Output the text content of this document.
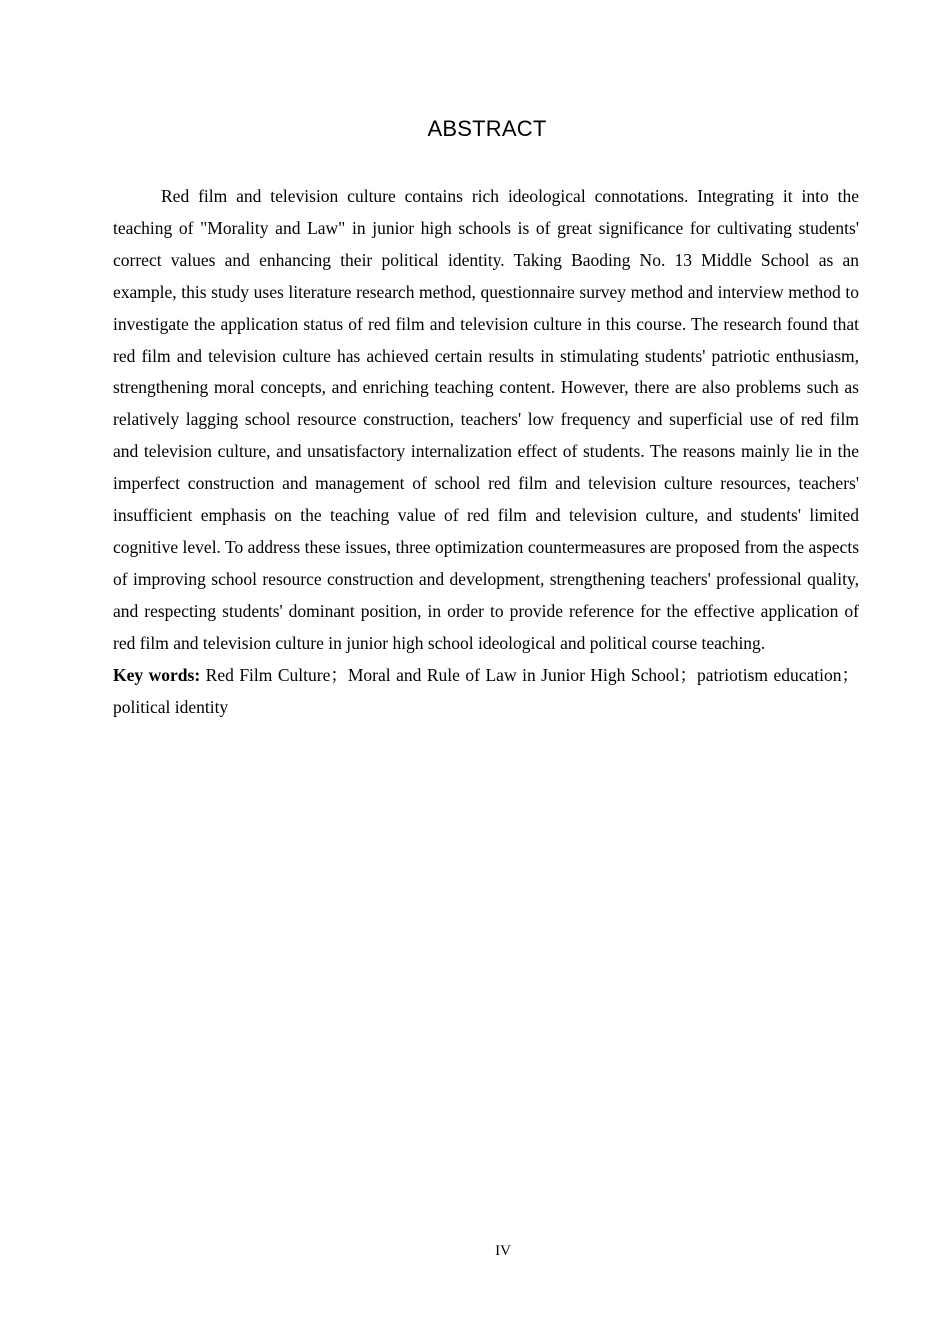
ABSTRACT

Red film and television culture contains rich ideological connotations. Integrating it into the teaching of "Morality and Law" in junior high schools is of great significance for cultivating students' correct values and enhancing their political identity. Taking Baoding No. 13 Middle School as an example, this study uses literature research method, questionnaire survey method and interview method to investigate the application status of red film and television culture in this course. The research found that red film and television culture has achieved certain results in stimulating students' patriotic enthusiasm, strengthening moral concepts, and enriching teaching content. However, there are also problems such as relatively lagging school resource construction, teachers' low frequency and superficial use of red film and television culture, and unsatisfactory internalization effect of students. The reasons mainly lie in the imperfect construction and management of school red film and television culture resources, teachers' insufficient emphasis on the teaching value of red film and television culture, and students' limited cognitive level. To address these issues, three optimization countermeasures are proposed from the aspects of improving school resource construction and development, strengthening teachers' professional quality, and respecting students' dominant position, in order to provide reference for the effective application of red film and television culture in junior high school ideological and political course teaching.

Key words: Red Film Culture；Moral and Rule of Law in Junior High School；patriotism education；political identity

IV
